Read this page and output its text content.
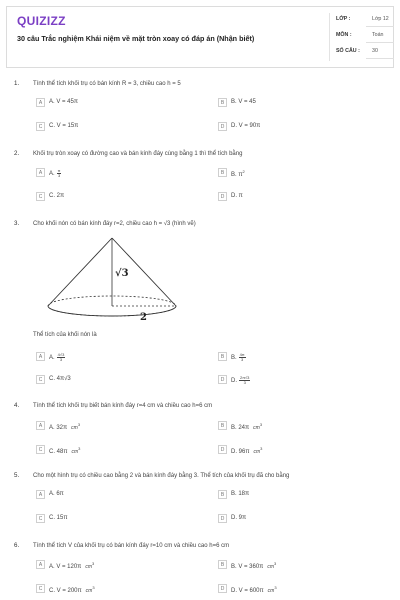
QUIZIZZ
30 câu Trắc nghiệm Khái niệm về mặt tròn xoay có đáp án (Nhận biết)
LỚP :	Lớp 12
MÔN :	Toán
SỐ CÂU : 30
1. Tính thể tích khối trụ có bán kính R = 3, chiều cao h = 5
A	A. V = 45π	B	B. V = 45
C	C. V = 15π	D	D. V = 90π
2. Khối trụ tròn xoay có đường cao và bán kính đáy cùng bằng 1 thì thể tích bằng
A	A. $\frac{\pi}{3}$	B	B. $\pi^2$
C	C. 2π	D	D. π
3. Cho khối nón có bán kính đáy r=2, chiều cao h = √3 (hình vẽ)
A	A. $\frac{4√3}{3}$	B	B. $\frac{4\pi}{3}$
C	C. 4π√3	D	D. $\frac{2\pi√3}{3}$
4. Tính thể tích khối trụ biết bán kính đáy r=4 cm và chiều cao h=6 cm
A	A. 32π $cm^3$	B	B. 24π $cm^3$
C	C. 48π $cm^3$	D	D. 96π $cm^3$
5. Cho một hình trụ có chiều cao bằng 2 và bán kính đáy bằng 3. Thể tích của khối trụ đã cho bằng
A	A. 6π	B	B. 18π
C	C. 15π	D	D. 9π
6. Tính thể tích V của khối trụ có bán kính đáy r=10 cm và chiều cao h=6 cm
A	A. V = 120π $cm^3$	B	B. V = 360π $cm^3$
C	C. V = 200π $cm^3$	D	D. V = 600π $cm^3$
√3
2
Thể tích của khối nón là
